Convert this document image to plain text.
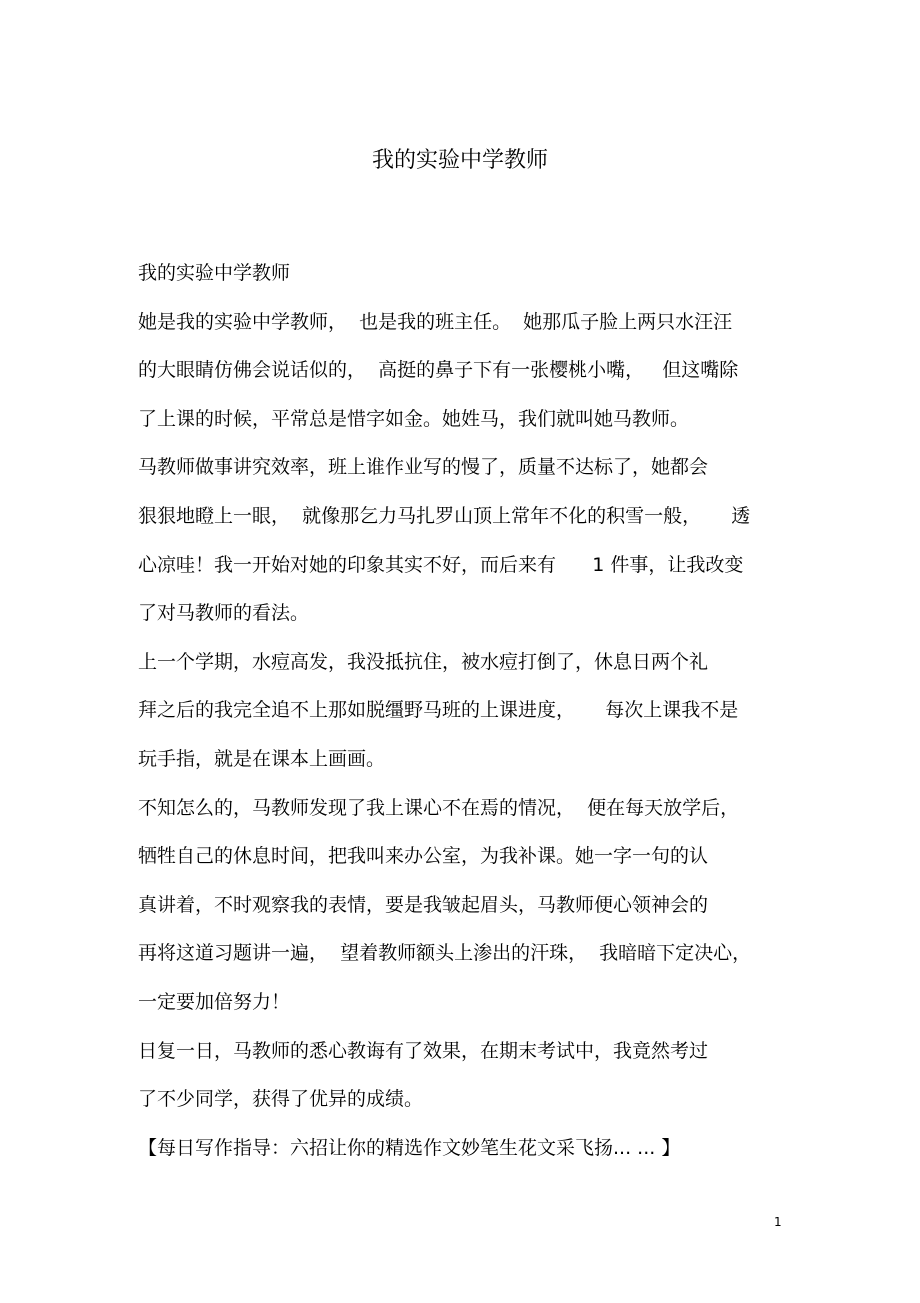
我的实验中学教师
我的实验中学教师
她是我的实验中学教师，  也是我的班主任。  她那瓜子脸上两只水汪汪
的大眼睛仿佛会说话似的，  高挺的鼻子下有一张樱桃小嘴，   但这嘴除
了上课的时候，平常总是惜字如金。她姓马，我们就叫她马教师。
马教师做事讲究效率，班上谁作业写的慢了，质量不达标了，她都会
狠狠地瞪上一眼，  就像那乞力马扎罗山顶上常年不化的积雪一般，     透
心凉哇！我一开始对她的印象其实不好，而后来有      1 件事，让我改变
了对马教师的看法。
上一个学期，水痘高发，我没抵抗住，被水痘打倒了，休息日两个礼
拜之后的我完全追不上那如脱缰野马班的上课进度，     每次上课我不是
玩手指，就是在课本上画画。
不知怎么的，马教师发现了我上课心不在焉的情况，  便在每天放学后，
牺牲自己的休息时间，把我叫来办公室，为我补课。她一字一句的认
真讲着，不时观察我的表情，要是我皱起眉头，马教师便心领神会的
再将这道习题讲一遍，  望着教师额头上渗出的汗珠，  我暗暗下定决心，
一定要加倍努力！
日复一日，马教师的悉心教诲有了效果，在期末考试中，我竟然考过
了不少同学，获得了优异的成绩。
【每日写作指导：六招让你的精选作文妙笔生花文采飞扬... ... 】
1
